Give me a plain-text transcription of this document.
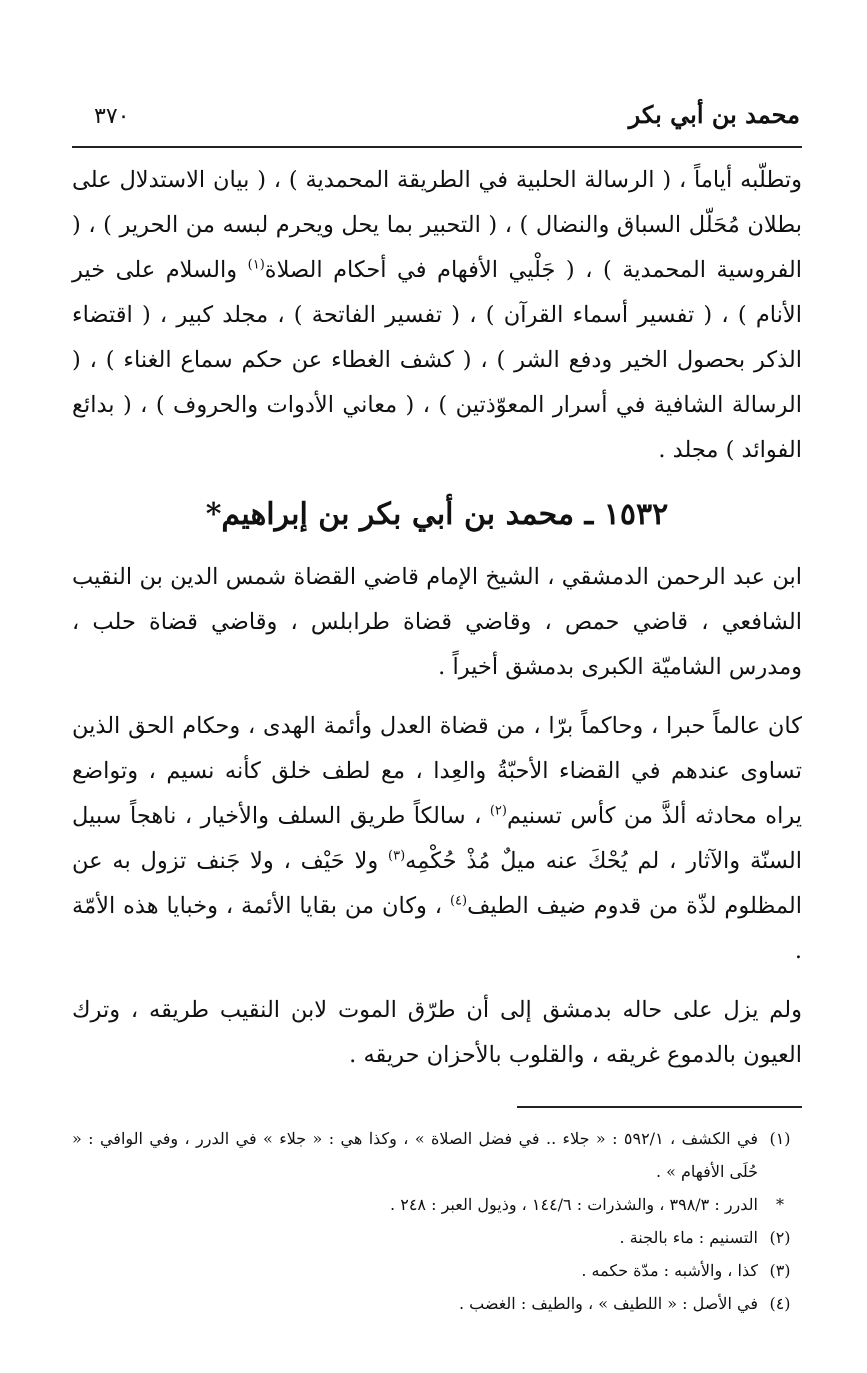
محمد بن أبي بكر
٣٧٠

وتطلّبه أياماً ، ( الرسالة الحلبية في الطريقة المحمدية ) ، ( بيان الاستدلال على بطلان مُحَلّل السباق والنضال ) ، ( التحبير بما يحل ويحرم لبسه من الحرير ) ، ( الفروسية المحمدية ) ، ( جَلْيي الأفهام في أحكام الصلاة$^{(١)}$ والسلام على خير الأنام ) ، ( تفسير أسماء القرآن ) ، ( تفسير الفاتحة ) ، مجلد كبير ، ( اقتضاء الذكر بحصول الخير ودفع الشر ) ، ( كشف الغطاء عن حكم سماع الغناء ) ، ( الرسالة الشافية في أسرار المعوّذتين ) ، ( معاني الأدوات والحروف ) ، ( بدائع الفوائد ) مجلد .

١٥٣٢ ـ محمد بن أبي بكر بن إبراهيم*

ابن عبد الرحمن الدمشقي ، الشيخ الإمام قاضي القضاة شمس الدين بن النقيب الشافعي ، قاضي حمص ، وقاضي قضاة طرابلس ، وقاضي قضاة حلب ، ومدرس الشاميّة الكبرى بدمشق أخيراً .

كان عالماً حبرا ، وحاكماً برّا ، من قضاة العدل وأئمة الهدى ، وحكام الحق الذين تساوى عندهم في القضاء الأحبّةُ والعِدا ، مع لطف خلق كأنه نسيم ، وتواضع يراه محادثه ألذَّ من كأس تسنيم$^{(٢)}$ ، سالكاً طريق السلف والأخيار ، ناهجاً سبيل السنّة والآثار ، لم يُحْكَ عنه ميلٌ مُذْ حُكْمِه$^{(٣)}$ ولا حَيْف ، ولا جَنف تزول به عن المظلوم لذّة من قدوم ضيف الطيف$^{(٤)}$ ، وكان من بقايا الأئمة ، وخبايا هذه الأمّة .

ولم يزل على حاله بدمشق إلى أن طرّق الموت لابن النقيب طريقه ، وترك العيون بالدموع غريقه ، والقلوب بالأحزان حريقه .

(١)
في الكشف ، ٥٩٢/١ : « جلاء .. في فضل الصلاة » ، وكذا هي : « جلاء » في الدرر ، وفي الوافي : « حُلَى الأفهام » .
*
الدرر : ٣٩٨/٣ ، والشذرات : ١٤٤/٦ ، وذيول العبر : ٢٤٨ .
(٢)
التسنيم : ماء بالجنة .
(٣)
كذا ، والأشبه : مدّة حكمه .
(٤)
في الأصل : « اللطيف » ، والطيف : الغضب .
